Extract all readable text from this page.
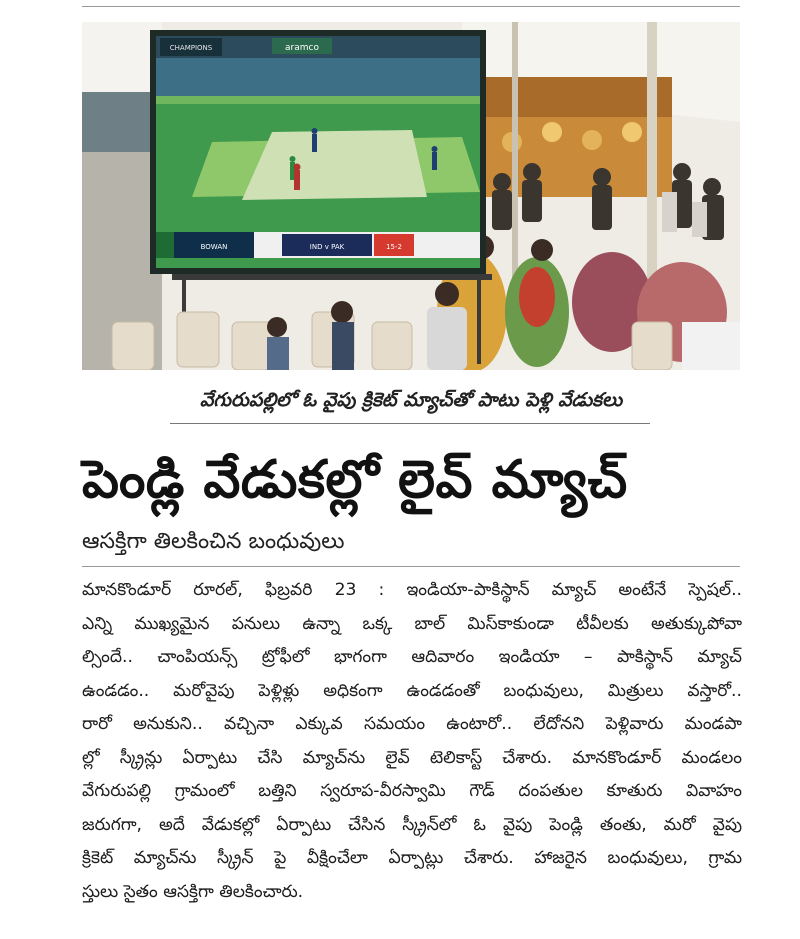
aramco
CHAMPIONS
BOWAN	IND v PAK	15-2
వేగురుపల్లిలో ఓ వైపు క్రికెట్ మ్యాచ్‌తో పాటు పెళ్లి వేడుకలు
పెండ్లి వేడుకల్లో లైవ్ మ్యాచ్
ఆసక్తిగా తిలకించిన బంధువులు
మానకొండూర్ రూరల్, ఫిబ్రవరి 23 : ఇండియా-పాకిస్థాన్ మ్యాచ్ అంటేనే స్పెషల్..
ఎన్ని ముఖ్యమైన పనులు ఉన్నా ఒక్క బాల్ మిస్‌కాకుండా టీవీలకు అతుక్కుపోవా
ల్సిందే.. చాంపియన్స్ ట్రోఫీలో భాగంగా ఆదివారం ఇండియా – పాకిస్థాన్ మ్యాచ్
ఉండడం.. మరోవైపు పెళ్లిళ్లు అధికంగా ఉండడంతో బంధువులు, మిత్రులు వస్తారో..
రారో అనుకుని.. వచ్చినా ఎక్కువ సమయం ఉంటారో.. లేదోనని పెళ్లివారు మండపా
ల్లో స్క్రీన్లు ఏర్పాటు చేసి మ్యాచ్‌ను లైవ్ టెలికాస్ట్ చేశారు. మానకొండూర్ మండలం
వేగురుపల్లి గ్రామంలో బత్తిని స్వరూప-వీరస్వామి గౌడ్ దంపతుల కూతురు వివాహం
జరుగగా, అదే వేడుకల్లో ఏర్పాటు చేసిన స్క్రీన్‌లో ఓ వైపు పెండ్లి తంతు, మరో వైపు
క్రికెట్ మ్యాచ్‌ను స్క్రీన్ పై వీక్షించేలా ఏర్పాట్లు చేశారు. హాజరైన బంధువులు, గ్రామ
స్తులు సైతం ఆసక్తిగా తిలకించారు.
